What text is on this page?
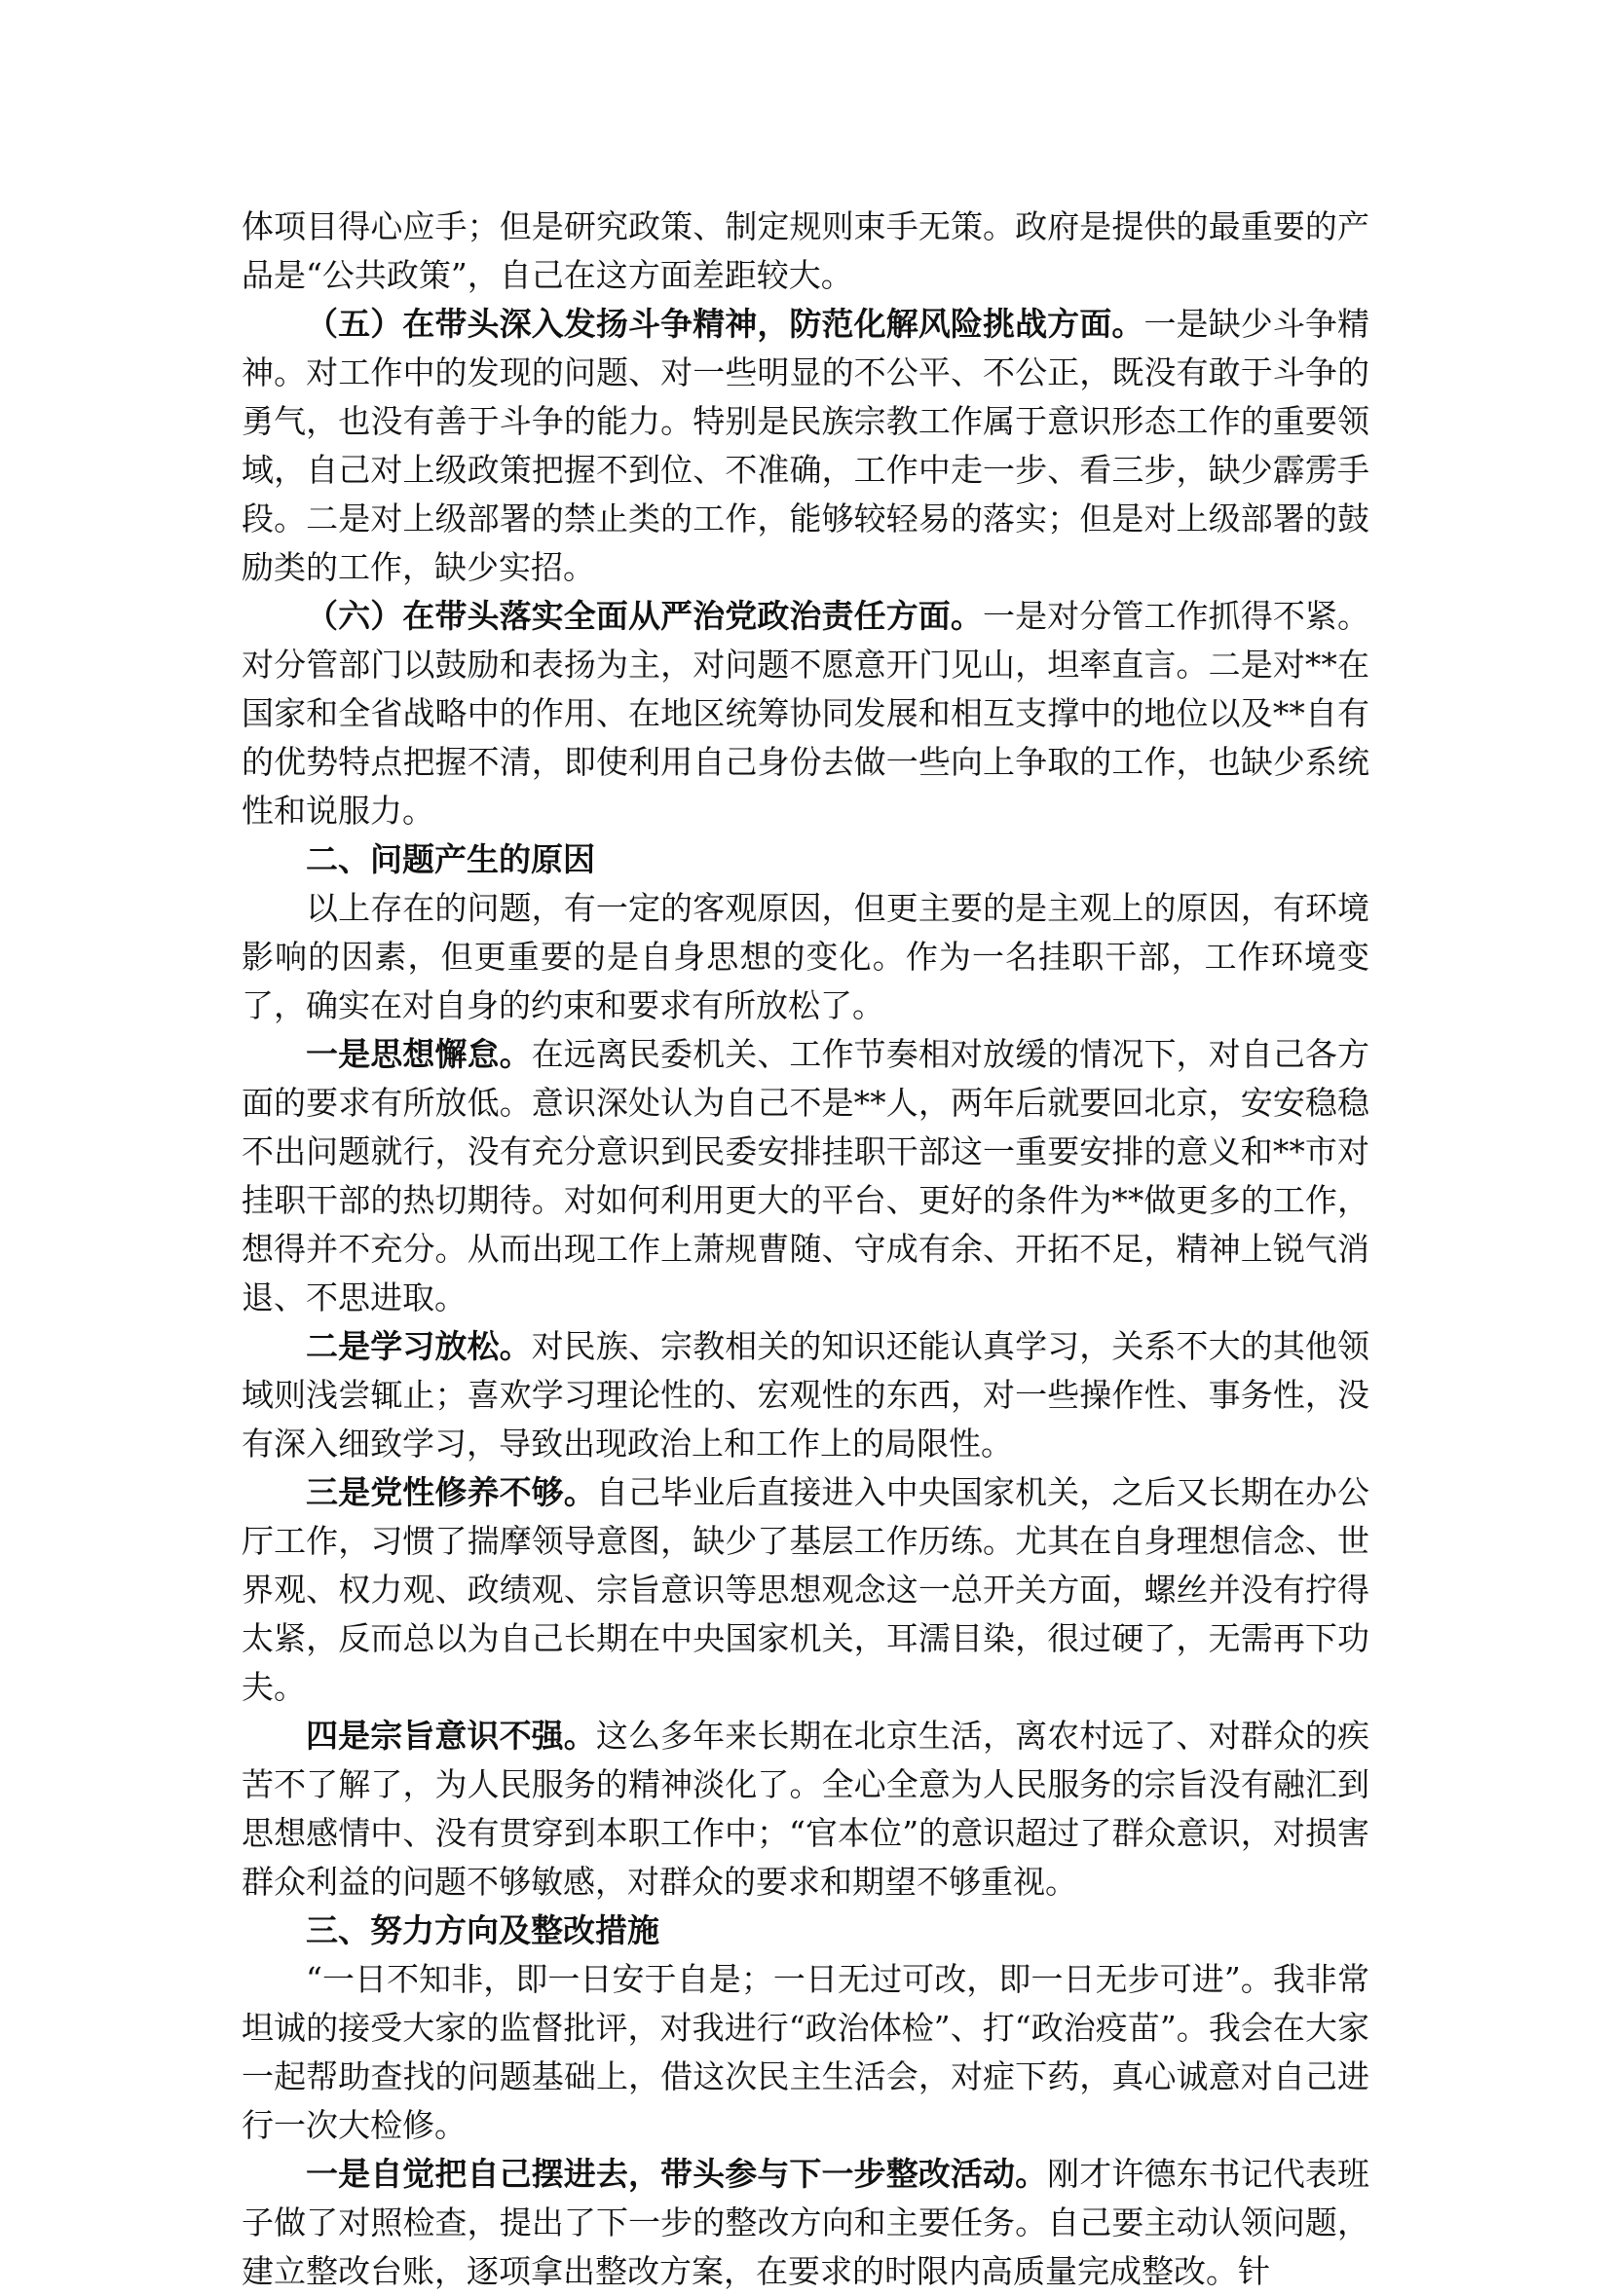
体项目得心应手；但是研究政策、制定规则束手无策。政府是提供的最重要的产品是“公共政策”，自己在这方面差距较大。

（五）在带头深入发扬斗争精神，防范化解风险挑战方面。一是缺少斗争精神。对工作中的发现的问题、对一些明显的不公平、不公正，既没有敢于斗争的勇气，也没有善于斗争的能力。特别是民族宗教工作属于意识形态工作的重要领域，自己对上级政策把握不到位、不准确，工作中走一步、看三步，缺少霹雳手段。二是对上级部署的禁止类的工作，能够较轻易的落实；但是对上级部署的鼓励类的工作，缺少实招。

（六）在带头落实全面从严治党政治责任方面。一是对分管工作抓得不紧。对分管部门以鼓励和表扬为主，对问题不愿意开门见山，坦率直言。二是对**在国家和全省战略中的作用、在地区统筹协同发展和相互支撑中的地位以及**自有的优势特点把握不清，即使利用自己身份去做一些向上争取的工作，也缺少系统性和说服力。

二、问题产生的原因

以上存在的问题，有一定的客观原因，但更主要的是主观上的原因，有环境影响的因素，但更重要的是自身思想的变化。作为一名挂职干部，工作环境变了，确实在对自身的约束和要求有所放松了。

一是思想懈怠。在远离民委机关、工作节奏相对放缓的情况下，对自己各方面的要求有所放低。意识深处认为自己不是**人，两年后就要回北京，安安稳稳不出问题就行，没有充分意识到民委安排挂职干部这一重要安排的意义和**市对挂职干部的热切期待。对如何利用更大的平台、更好的条件为**做更多的工作，想得并不充分。从而出现工作上萧规曹随、守成有余、开拓不足，精神上锐气消退、不思进取。

二是学习放松。对民族、宗教相关的知识还能认真学习，关系不大的其他领域则浅尝辄止；喜欢学习理论性的、宏观性的东西，对一些操作性、事务性，没有深入细致学习，导致出现政治上和工作上的局限性。

三是党性修养不够。自己毕业后直接进入中央国家机关，之后又长期在办公厅工作，习惯了揣摩领导意图，缺少了基层工作历练。尤其在自身理想信念、世界观、权力观、政绩观、宗旨意识等思想观念这一总开关方面，螺丝并没有拧得太紧，反而总以为自己长期在中央国家机关，耳濡目染，很过硬了，无需再下功夫。

四是宗旨意识不强。这么多年来长期在北京生活，离农村远了、对群众的疾苦不了解了，为人民服务的精神淡化了。全心全意为人民服务的宗旨没有融汇到思想感情中、没有贯穿到本职工作中；“官本位”的意识超过了群众意识，对损害群众利益的问题不够敏感，对群众的要求和期望不够重视。

三、努力方向及整改措施

“一日不知非，即一日安于自是；一日无过可改，即一日无步可进”。我非常坦诚的接受大家的监督批评，对我进行“政治体检”、打“政治疫苗”。我会在大家一起帮助查找的问题基础上，借这次民主生活会，对症下药，真心诚意对自己进行一次大检修。

一是自觉把自己摆进去，带头参与下一步整改活动。刚才许德东书记代表班子做了对照检查，提出了下一步的整改方向和主要任务。自己要主动认领问题，建立整改台账，逐项拿出整改方案，在要求的时限内高质量完成整改。针
